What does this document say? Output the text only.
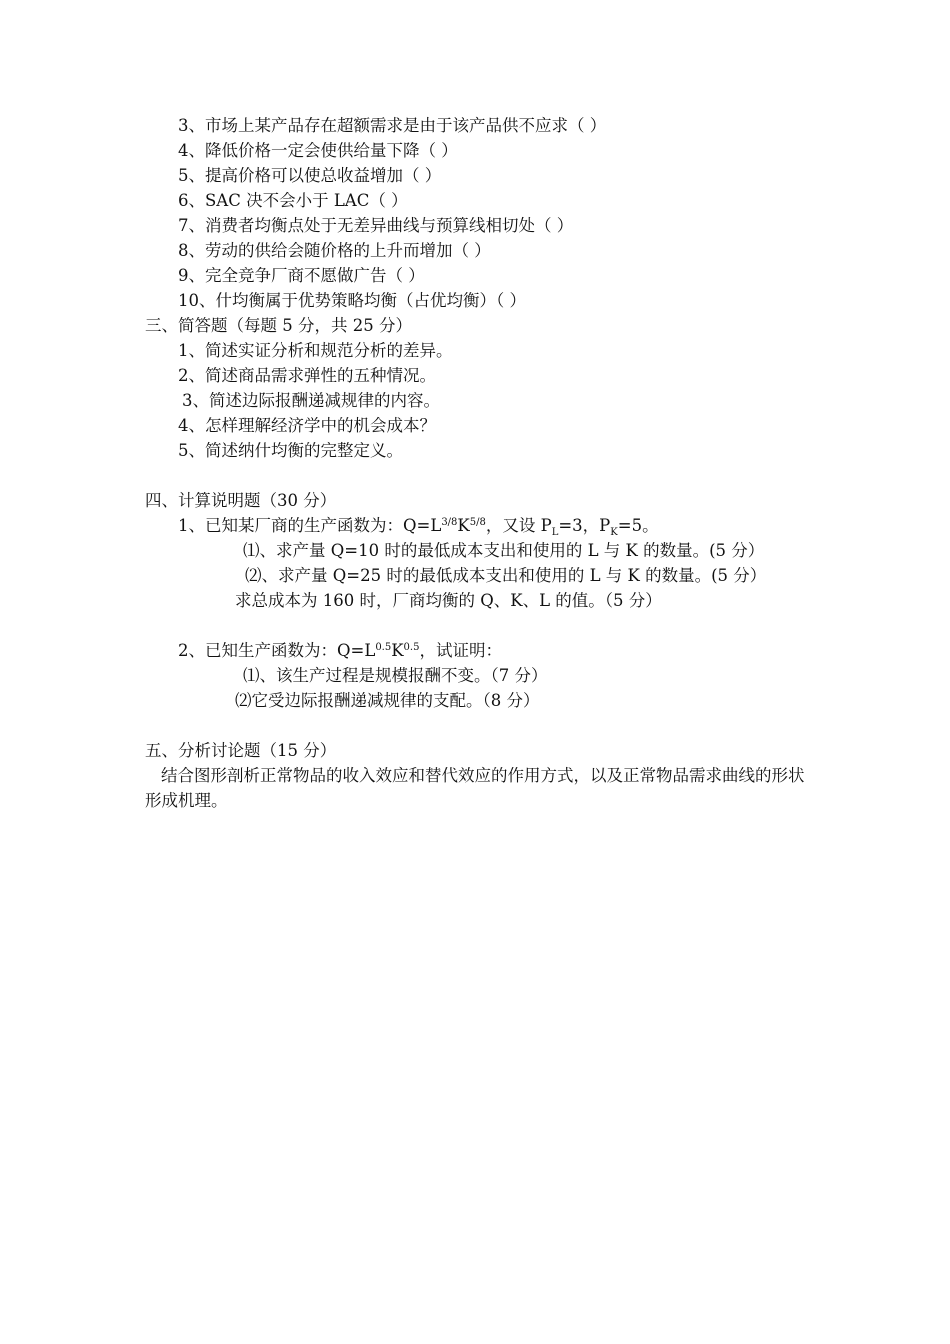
3、市场上某产品存在超额需求是由于该产品供不应求（ ）
4、降低价格一定会使供给量下降（ ）
5、提高价格可以使总收益增加（ ）
6、SAC 决不会小于 LAC（ ）
7、消费者均衡点处于无差异曲线与预算线相切处（ ）
8、劳动的供给会随价格的上升而增加（ ）
9、完全竞争厂商不愿做广告（ ）
10、什均衡属于优势策略均衡（占优均衡）（ ）
三、简答题（每题 5 分，共 25 分）
1、简述实证分析和规范分析的差异。
2、简述商品需求弹性的五种情况。
3、简述边际报酬递减规律的内容。
4、怎样理解经济学中的机会成本？
5、简述纳什均衡的完整定义。
四、计算说明题（30 分）
1、已知某厂商的生产函数为：$Q=L^{3/8}K^{5/8}$，又设 $P_L=3$，$P_K=5$。
⑴、求产量 Q=10 时的最低成本支出和使用的 L 与 K 的数量。(5 分）
⑵、求产量 Q=25 时的最低成本支出和使用的 L 与 K 的数量。(5 分）
求总成本为 160 时，厂商均衡的 Q、K、L 的值。（5 分）
2、已知生产函数为：$Q=L^{0.5}K^{0.5}$，试证明：
⑴、该生产过程是规模报酬不变。（7 分）
⑵它受边际报酬递减规律的支配。（8 分）
五、分析讨论题（15 分）
结合图形剖析正常物品的收入效应和替代效应的作用方式，以及正常物品需求曲线的形状形成机理。
